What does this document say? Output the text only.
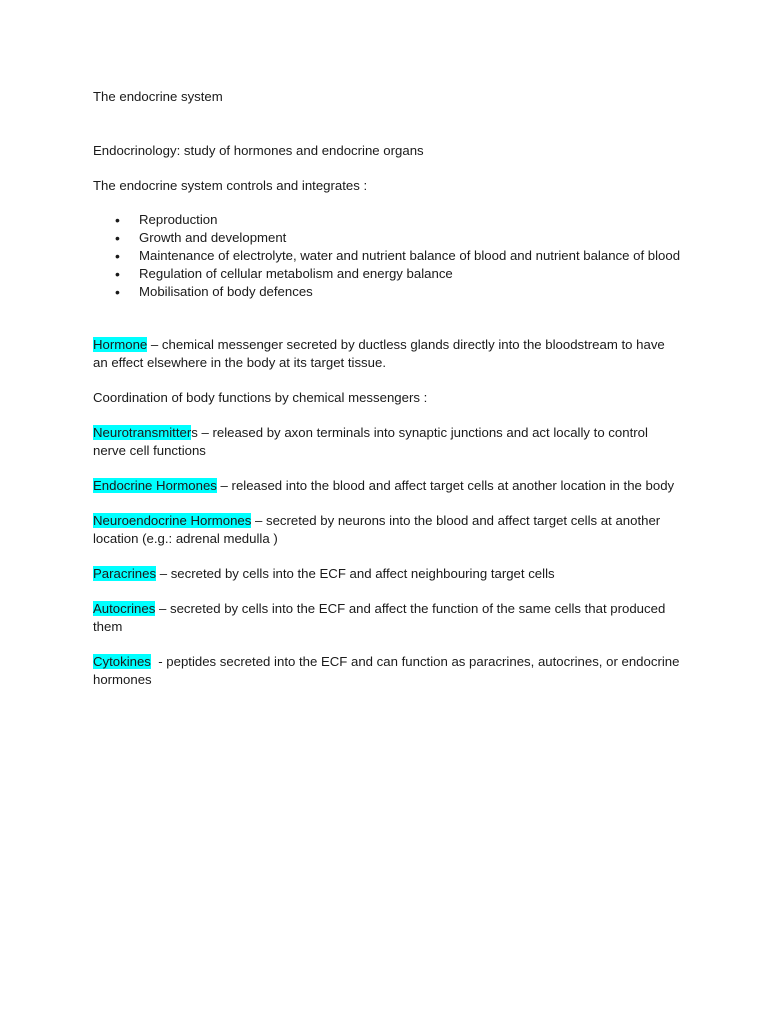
The endocrine system

Endocrinology: study of hormones and endocrine organs

The endocrine system controls and integrates :

• Reproduction
• Growth and development
• Maintenance of electrolyte, water and nutrient balance of blood and nutrient balance of blood
• Regulation of cellular metabolism and energy balance
• Mobilisation of body defences

Hormone – chemical messenger secreted by ductless glands directly into the bloodstream to have an effect elsewhere in the body at its target tissue.

Coordination of body functions by chemical messengers :

Neurotransmitters – released by axon terminals into synaptic junctions and act locally to control nerve cell functions

Endocrine Hormones – released into the blood and affect target cells at another location in the body

Neuroendocrine Hormones – secreted by neurons into the blood and affect target cells at another location (e.g.: adrenal medulla )

Paracrines – secreted by cells into the ECF and affect neighbouring target cells

Autocrines – secreted by cells into the ECF and affect the function of the same cells that produced them

Cytokines  - peptides secreted into the ECF and can function as paracrines, autocrines, or endocrine hormones
